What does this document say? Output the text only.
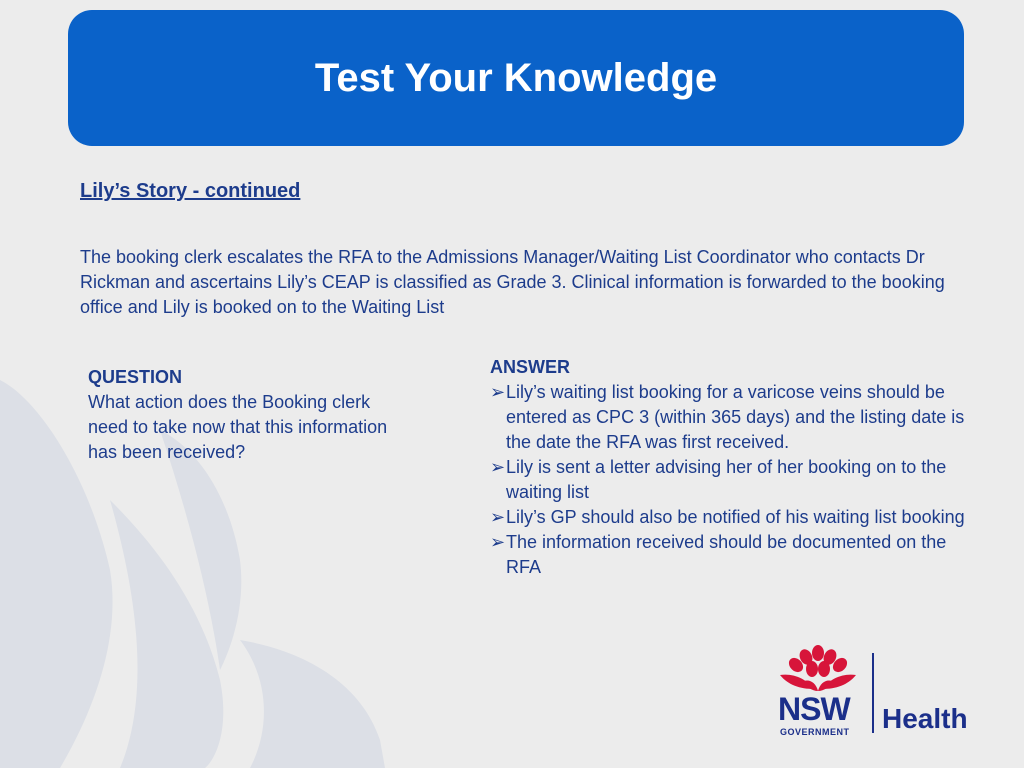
Test Your Knowledge
Lily’s Story - continued

The booking clerk escalates the RFA to the Admissions Manager/Waiting List Coordinator who contacts Dr Rickman and ascertains Lily’s CEAP is classified as Grade 3. Clinical information is forwarded to the booking office and Lily is booked on to the Waiting List

QUESTION
What action does the Booking clerk need to take now that this information has been received?
ANSWER
➢ Lily’s waiting list booking for a varicose veins should be entered as CPC 3 (within 365 days) and the listing date is the date the RFA was first received.
➢ Lily is sent a letter advising her of her booking on to the waiting list
➢ Lily’s GP should also be notified of his waiting list booking
➢ The information received should be documented on the RFA
NSW
GOVERNMENT Health
